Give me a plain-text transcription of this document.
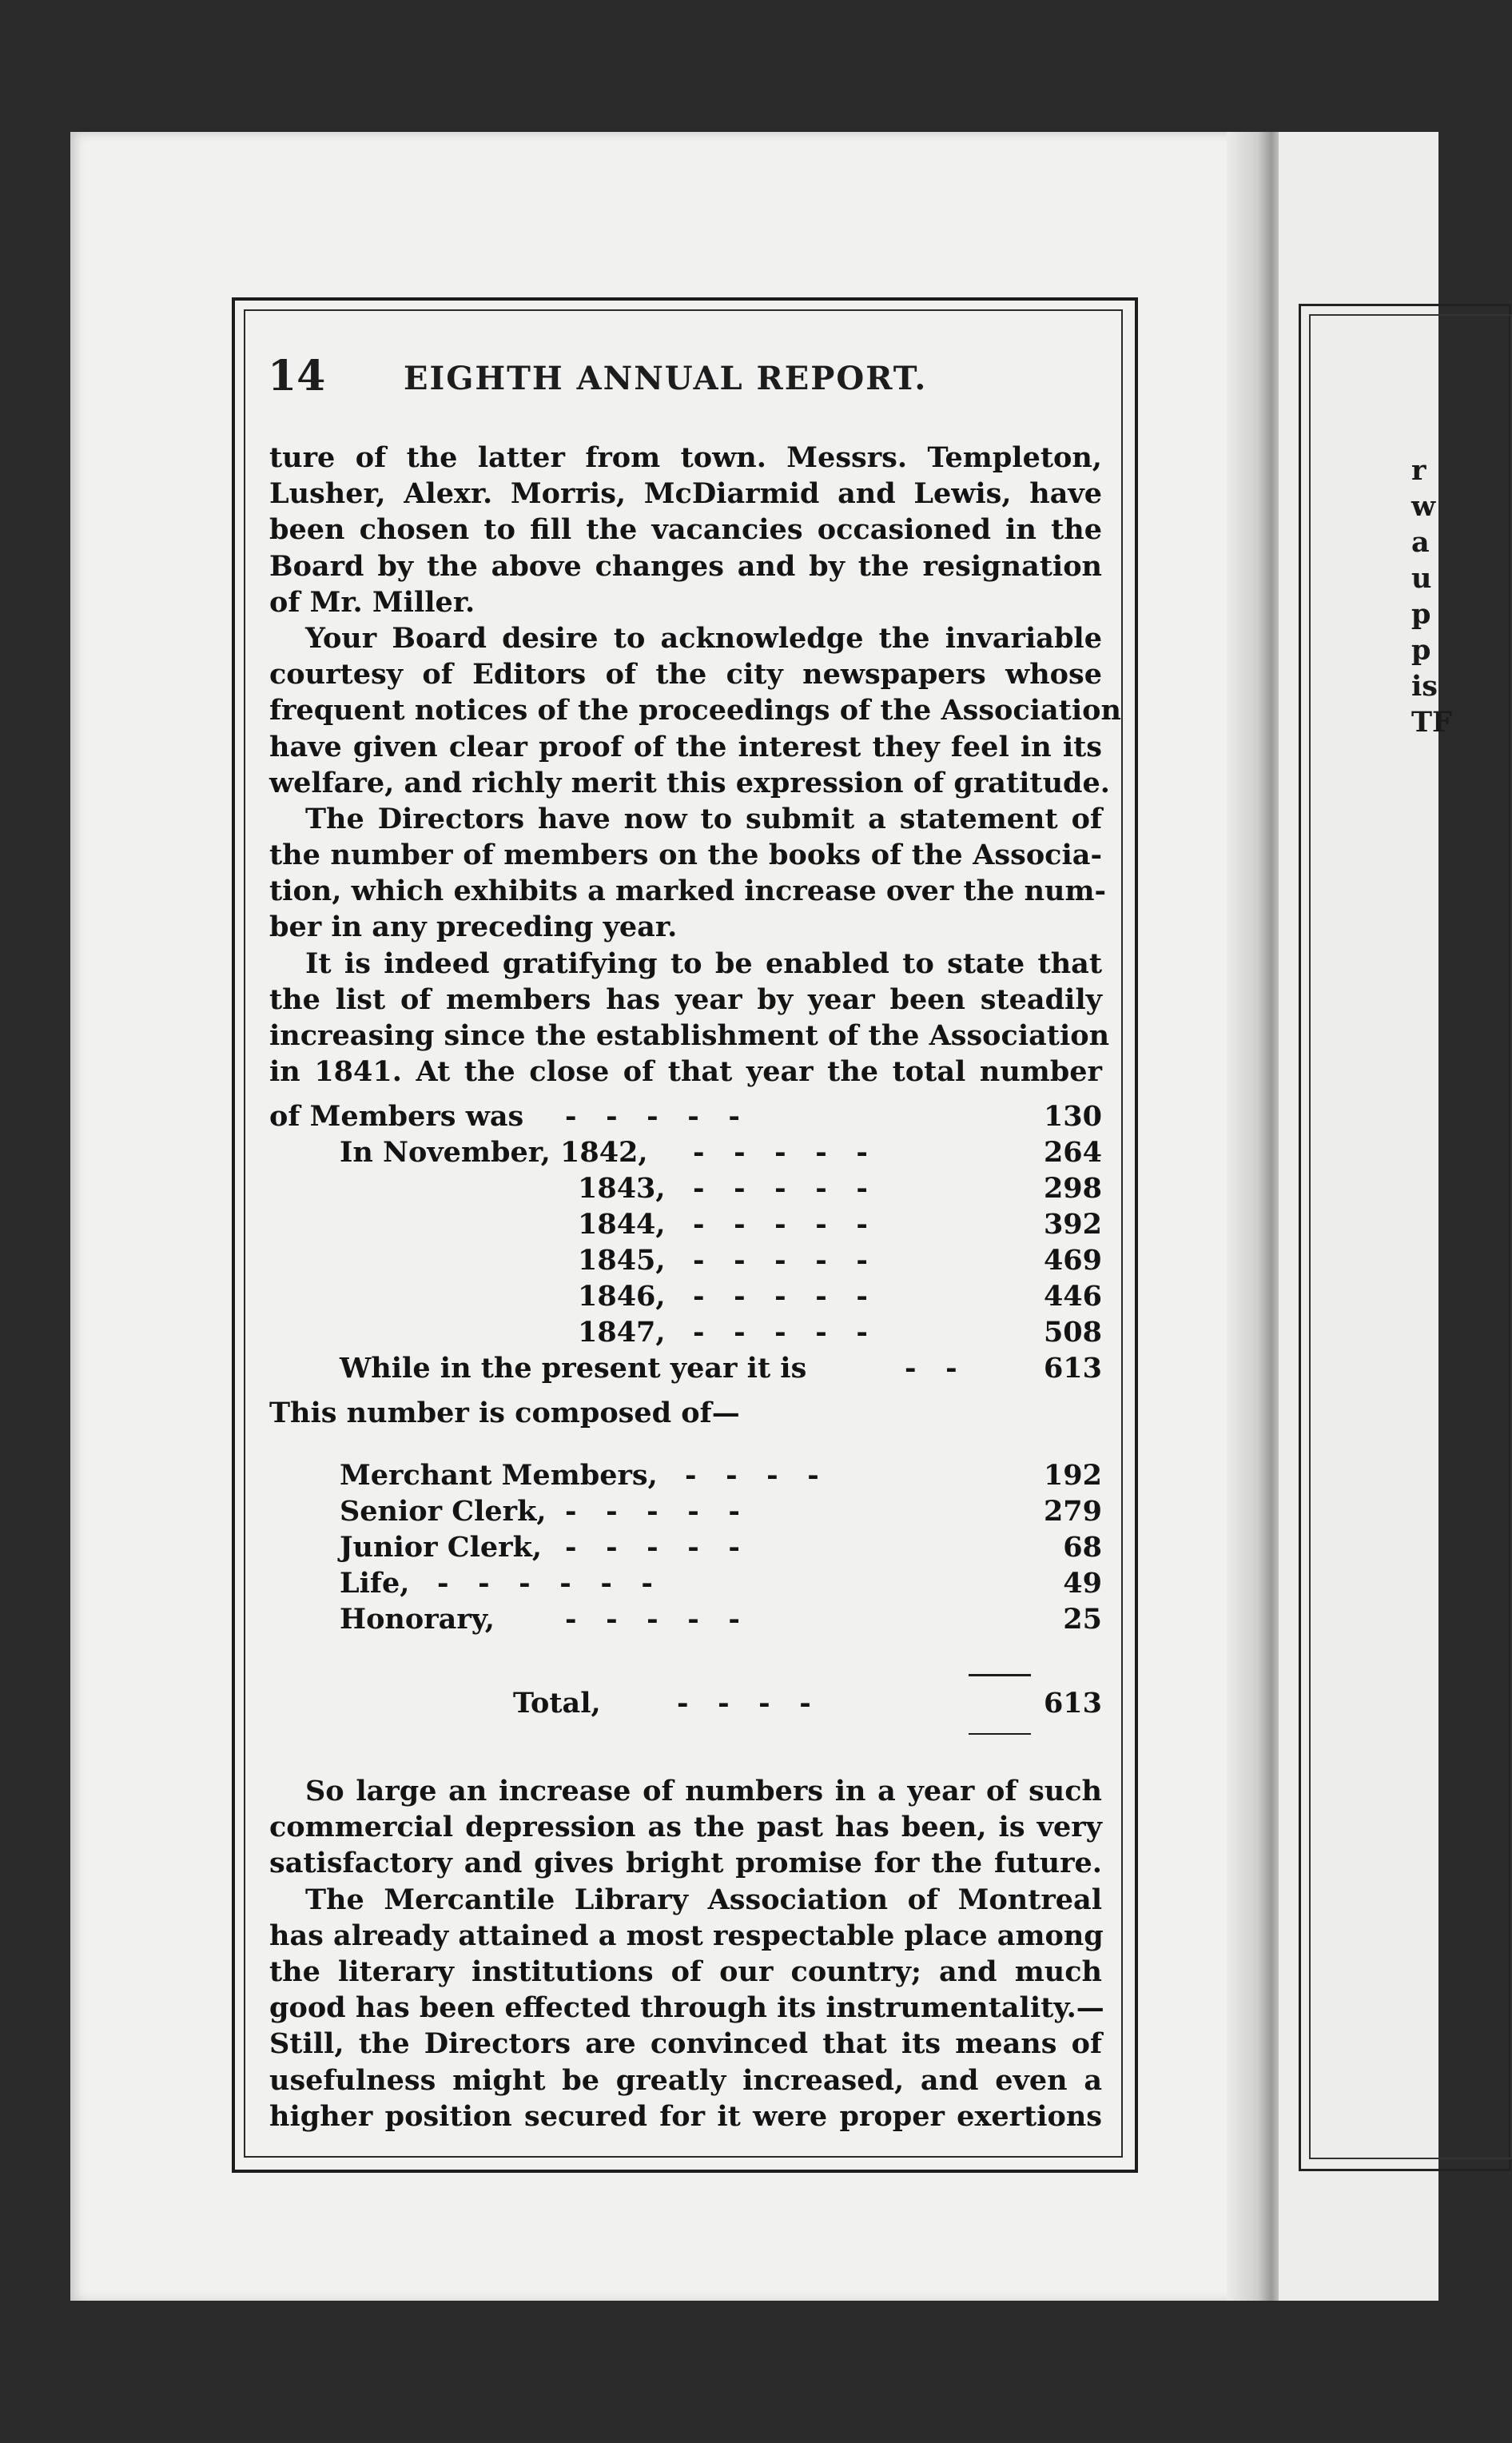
r
w
a
u
p
p
is
TF
14 EIGHTH ANNUAL REPORT.
ture of the latter from town. Messrs. Templeton,
Lusher, Alexr. Morris, McDiarmid and Lewis, have
been chosen to fill the vacancies occasioned in the
Board by the above changes and by the resignation
of Mr. Miller.
Your Board desire to acknowledge the invariable
courtesy of Editors of the city newspapers whose
frequent notices of the proceedings of the Association
have given clear proof of the interest they feel in its
welfare, and richly merit this expression of gratitude.
The Directors have now to submit a statement of
the number of members on the books of the Associa-
tion, which exhibits a marked increase over the num-
ber in any preceding year.
It is indeed gratifying to be enabled to state that
the list of members has year by year been steadily
increasing since the establishment of the Association
in 1841. At the close of that year the total number
of Members was -   -   -   -   -	130
In November, 1842, -   -   -   -   -	264
1843, -   -   -   -   -	298
1844, -   -   -   -   -	392
1845, -   -   -   -   -	469
1846, -   -   -   -   -	446
1847, -   -   -   -   -	508
While in the present year it is	-   -	613
This number is composed of—
Merchant Members, -   -   -   -	192
Senior Clerk, -   -   -   -   -	279
Junior Clerk, -   -   -   -   -	68
Life, -   -   -   -   -   -	49
Honorary,	-   -   -   -   -	25
Total,	-   -   -   -	613
So large an increase of numbers in a year of such
commercial depression as the past has been, is very
satisfactory and gives bright promise for the future.
The Mercantile Library Association of Montreal
has already attained a most respectable place among
the literary institutions of our country; and much
good has been effected through its instrumentality.—
Still, the Directors are convinced that its means of
usefulness might be greatly increased, and even a
higher position secured for it were proper exertions
